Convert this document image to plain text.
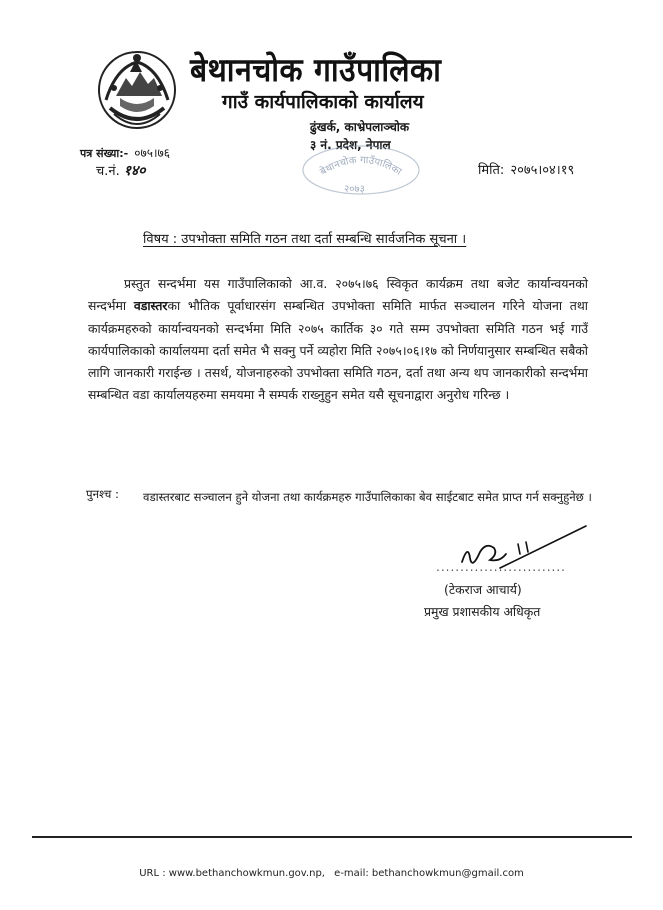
बेथानचोक गाउँपालिका
गाउँ कार्यपालिकाको कार्यालय
ढुंखर्क, काभ्रेपलाञ्चोक
३ नं. प्रदेश, नेपाल
पत्र संख्या:- ०७५।७६
च.नं. १४०	मिति: २०७५।०४।१९
बेथानचोक गाउँपालिका
२०७३
विषय : उपभोक्ता समिति गठन तथा दर्ता सम्बन्धि सार्वजनिक सूचना ।
प्रस्तुत सन्दर्भमा यस गाउँपालिकाको आ.व. २०७५।७६ स्विकृत कार्यक्रम तथा बजेट कार्यान्वयनको सन्दर्भमा वडास्तरका भौतिक पूर्वाधारसंग सम्बन्धित उपभोक्ता समिति मार्फत सञ्चालन गरिने योजना तथा कार्यक्रमहरुको कार्यान्वयनको सन्दर्भमा मिति २०७५ कार्तिक ३० गते सम्म उपभोक्ता समिति गठन भई गाउँ कार्यपालिकाको कार्यालयमा दर्ता समेत भै सक्नु पर्ने व्यहोरा मिति २०७५।०६।१७ को निर्णयानुसार सम्बन्धित सबैको लागि जानकारी गराईन्छ । तसर्थ, योजनाहरुको उपभोक्ता समिति गठन, दर्ता तथा अन्य थप जानकारीको सन्दर्भमा सम्बन्धित वडा कार्यालयहरुमा समयमा नै सम्पर्क राख्नुहुन समेत यसै सूचनाद्वारा अनुरोध गरिन्छ ।
पुनश्च : वडास्तरबाट सञ्चालन हुने योजना तथा कार्यक्रमहरु गाउँपालिकाका बेव साईटबाट समेत प्राप्त गर्न सक्नुहुनेछ ।
...........................
(टेकराज आचार्य)
प्रमुख प्रशासकीय अधिकृत
URL : www.bethanchowkmun.gov.np, e-mail: bethanchowkmun@gmail.com
